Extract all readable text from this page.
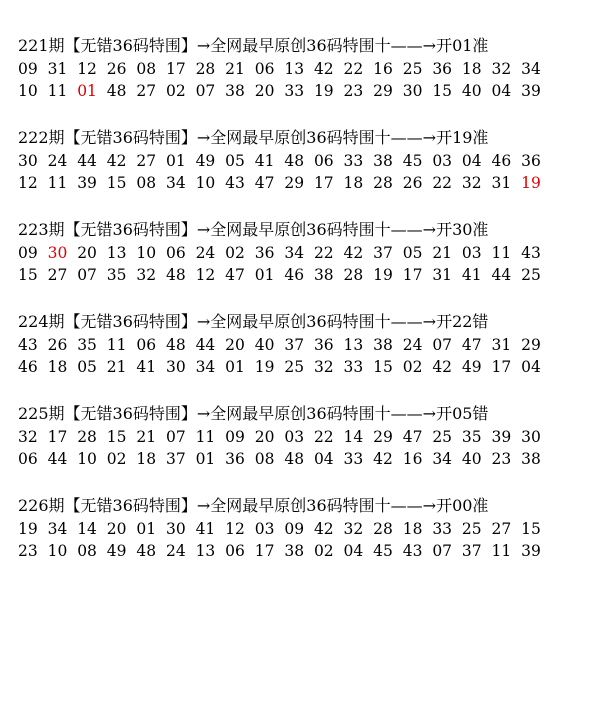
221期【无错36码特围】→全网最早原创36码特围十——→开01准
09 31 12 26 08 17 28 21 06 13 42 22 16 25 36 18 32 34
10 11 01 48 27 02 07 38 20 33 19 23 29 30 15 40 04 39
222期【无错36码特围】→全网最早原创36码特围十——→开19准
30 24 44 42 27 01 49 05 41 48 06 33 38 45 03 04 46 36
12 11 39 15 08 34 10 43 47 29 17 18 28 26 22 32 31 19
223期【无错36码特围】→全网最早原创36码特围十——→开30准
09 30 20 13 10 06 24 02 36 34 22 42 37 05 21 03 11 43
15 27 07 35 32 48 12 47 01 46 38 28 19 17 31 41 44 25
224期【无错36码特围】→全网最早原创36码特围十——→开22错
43 26 35 11 06 48 44 20 40 37 36 13 38 24 07 47 31 29
46 18 05 21 41 30 34 01 19 25 32 33 15 02 42 49 17 04
225期【无错36码特围】→全网最早原创36码特围十——→开05错
32 17 28 15 21 07 11 09 20 03 22 14 29 47 25 35 39 30
06 44 10 02 18 37 01 36 08 48 04 33 42 16 34 40 23 38
226期【无错36码特围】→全网最早原创36码特围十——→开00准
19 34 14 20 01 30 41 12 03 09 42 32 28 18 33 25 27 15
23 10 08 49 48 24 13 06 17 38 02 04 45 43 07 37 11 39
